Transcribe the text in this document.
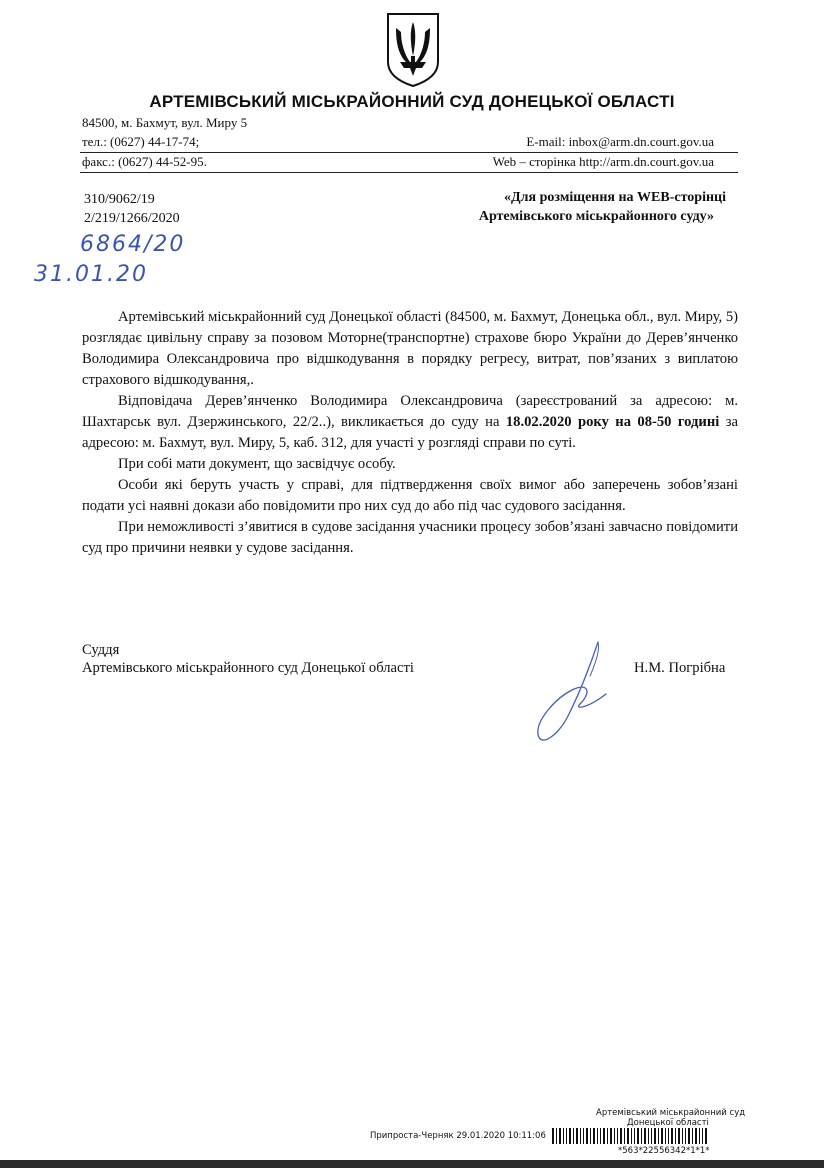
АРТЕМІВСЬКИЙ МІСЬКРАЙОННИЙ СУД ДОНЕЦЬКОЇ ОБЛАСТІ
84500, м. Бахмут, вул. Миру 5
тел.: (0627) 44-17-74;	E-mail: inbox@arm.dn.court.gov.ua
факс.: (0627) 44-52-95.	Web – сторінка http://arm.dn.court.gov.ua
310/9062/19
2/219/1266/2020
«Для розміщення на WEB-сторінці
Артемівського міськрайонного суду»
6864/20
31.01.20

Артемівський міськрайонний суд Донецької області (84500, м. Бахмут, Донецька обл., вул. Миру, 5) розглядає цивільну справу за позовом Моторне(транспортне) страхове бюро України до Дерев’янченко Володимира Олександровича про відшкодування в порядку регресу, витрат, пов’язаних з виплатою страхового відшкодування,.

Відповідача Дерев’янченко Володимира Олександровича (зареєстрований за адресою: м. Шахтарськ вул. Дзержинського, 22/2..), викликається до суду на 18.02.2020 року на 08-50 годині за адресою: м. Бахмут, вул. Миру, 5, каб. 312, для участі у розгляді справи по суті.

При собі мати документ, що засвідчує особу.

Особи які беруть участь у справі, для підтвердження своїх вимог або заперечень зобов’язані подати усі наявні докази або повідомити про них суд до або під час судового засідання.

При неможливості з’явитися в судове засідання учасники процесу зобов’язані завчасно повідомити суд про причини неявки у судове засідання.

Суддя
Артемівського міськрайонного суд Донецької області	Н.М. Погрібна
Артемівський міськрайонний суд
Донецької області
Припроста-Черняк 29.01.2020 10:11:06
*563*22556342*1*1*
